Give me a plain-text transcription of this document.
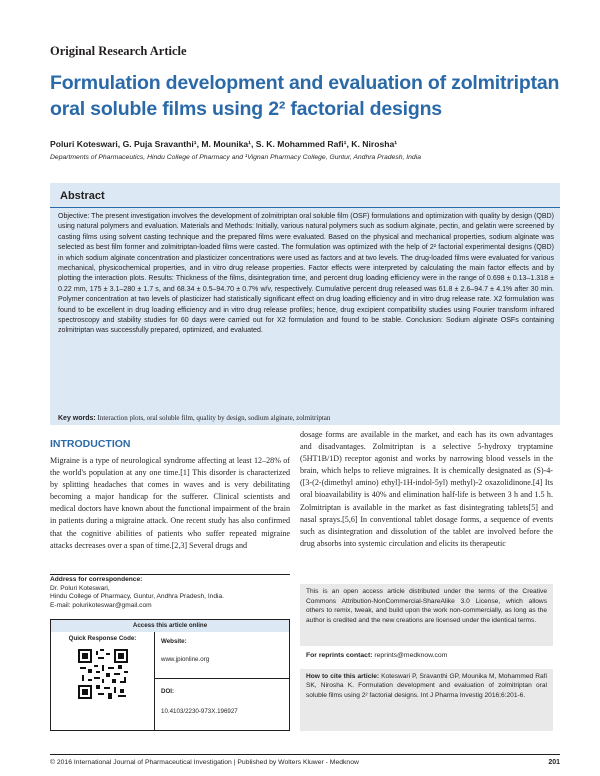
Original Research Article
Formulation development and evaluation of zolmitriptan oral soluble films using 2² factorial designs
Poluri Koteswari, G. Puja Sravanthi¹, M. Mounika¹, S. K. Mohammed Rafi¹, K. Nirosha¹
Departments of Pharmaceutics, Hindu College of Pharmacy and ¹Vignan Pharmacy College, Guntur, Andhra Pradesh, India
Abstract
Objective: The present investigation involves the development of zolmitriptan oral soluble film (OSF) formulations and optimization with quality by design (QBD) using natural polymers and evaluation. Materials and Methods: Initially, various natural polymers such as sodium alginate, pectin, and gelatin were screened by casting films using solvent casting technique and the prepared films were evaluated. Based on the physical and mechanical properties, sodium alginate was selected as best film former and zolmitriptan-loaded films were casted. The formulation was optimized with the help of 2² factorial experimental designs (QBD) in which sodium alginate concentration and plasticizer concentrations were used as factors and at two levels. The drug-loaded films were evaluated for various mechanical, physicochemical properties, and in vitro drug release properties. Factor effects were interpreted by calculating the main factor effects and by plotting the interaction plots. Results: Thickness of the films, disintegration time, and percent drug loading efficiency were in the range of 0.698 ± 0.13–1.318 ± 0.22 mm, 175 ± 3.1–280 ± 1.7 s, and 68.34 ± 0.5–94.70 ± 0.7% w/v, respectively. Cumulative percent drug released was 61.8 ± 2.6–94.7 ± 4.1% after 30 min. Polymer concentration at two levels of plasticizer had statistically significant effect on drug loading efficiency and in vitro drug release rate. X2 formulation was found to be excellent in drug loading efficiency and in vitro drug release profiles; hence, drug excipient compatibility studies using Fourier transform infrared spectroscopy and stability studies for 60 days were carried out for X2 formulation and found to be stable. Conclusion: Sodium alginate OSFs containing zolmitriptan was successfully prepared, optimized, and evaluated.
Key words: Interaction plots, oral soluble film, quality by design, sodium alginate, zolmitriptan
INTRODUCTION
Migraine is a type of neurological syndrome affecting at least 12–28% of the world's population at any one time.[1] This disorder is characterized by splitting headaches that comes in waves and is very debilitating becoming a major handicap for the sufferer. Clinical scientists and medical doctors have known about the functional impairment of the brain in patients during a migraine attack. One recent study has also confirmed that the cognitive abilities of patients who suffer repeated migraine attacks decreases over a span of time.[2,3] Several drugs and
dosage forms are available in the market, and each has its own advantages and disadvantages. Zolmitriptan is a selective 5-hydroxy tryptamine (5HT1B/1D) receptor agonist and works by narrowing blood vessels in the brain, which helps to relieve migraines. It is chemically designated as (S)-4-([3-(2-(dimethyl amino) ethyl]-1H-indol-5yl) methyl)-2 oxazolidinone.[4] Its oral bioavailability is 40% and elimination half-life is between 3 h and 1.5 h. Zolmitriptan is available in the market as fast disintegrating tablets[5] and nasal sprays.[5,6] In conventional tablet dosage forms, a sequence of events such as disintegration and dissolution of the tablet are involved before the drug absorbs into systemic circulation and elicits its therapeutic
Address for correspondence:
Dr. Poluri Koteswari,
Hindu College of Pharmacy, Guntur, Andhra Pradesh, India.
E-mail: polurikoteswar@gmail.com
Access this article online
Quick Response Code:	Website:
www.jpionline.org
DOI:
10.4103/2230-973X.196927
This is an open access article distributed under the terms of the Creative Commons Attribution-NonCommercial-ShareAlike 3.0 License, which allows others to remix, tweak, and build upon the work non-commercially, as long as the author is credited and the new creations are licensed under the identical terms.
For reprints contact: reprints@medknow.com
How to cite this article: Koteswari P, Sravanthi GP, Mounika M, Mohammed Rafi SK, Nirosha K. Formulation development and evaluation of zolmitriptan oral soluble films using 2² factorial designs. Int J Pharma Investig 2016;6:201-6.
© 2016 International Journal of Pharmaceutical Investigation | Published by Wolters Kluwer - Medknow	201
